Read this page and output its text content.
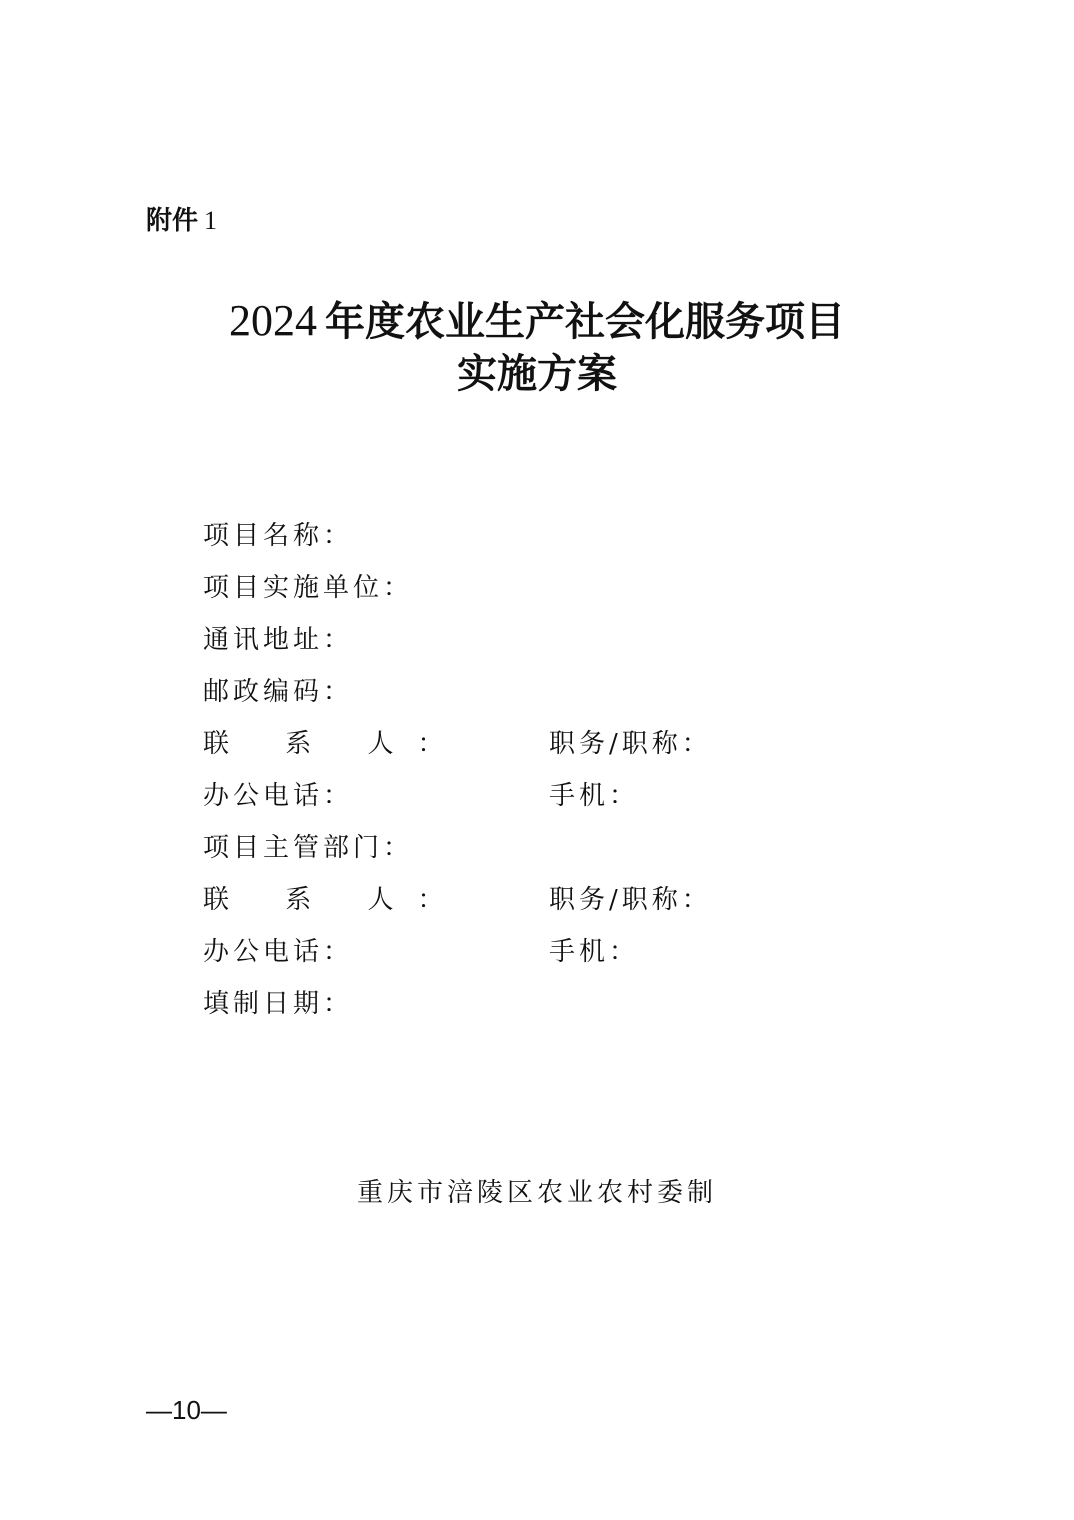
附件 1
2024 年度农业生产社会化服务项目
实施方案
项目名称：
项目实施单位：
通讯地址：
邮政编码：
联 系 人：	职务/职称：
办公电话：	手机：
项目主管部门：
联 系 人：	职务/职称：
办公电话：	手机：
填制日期：
重庆市涪陵区农业农村委制
—10—
